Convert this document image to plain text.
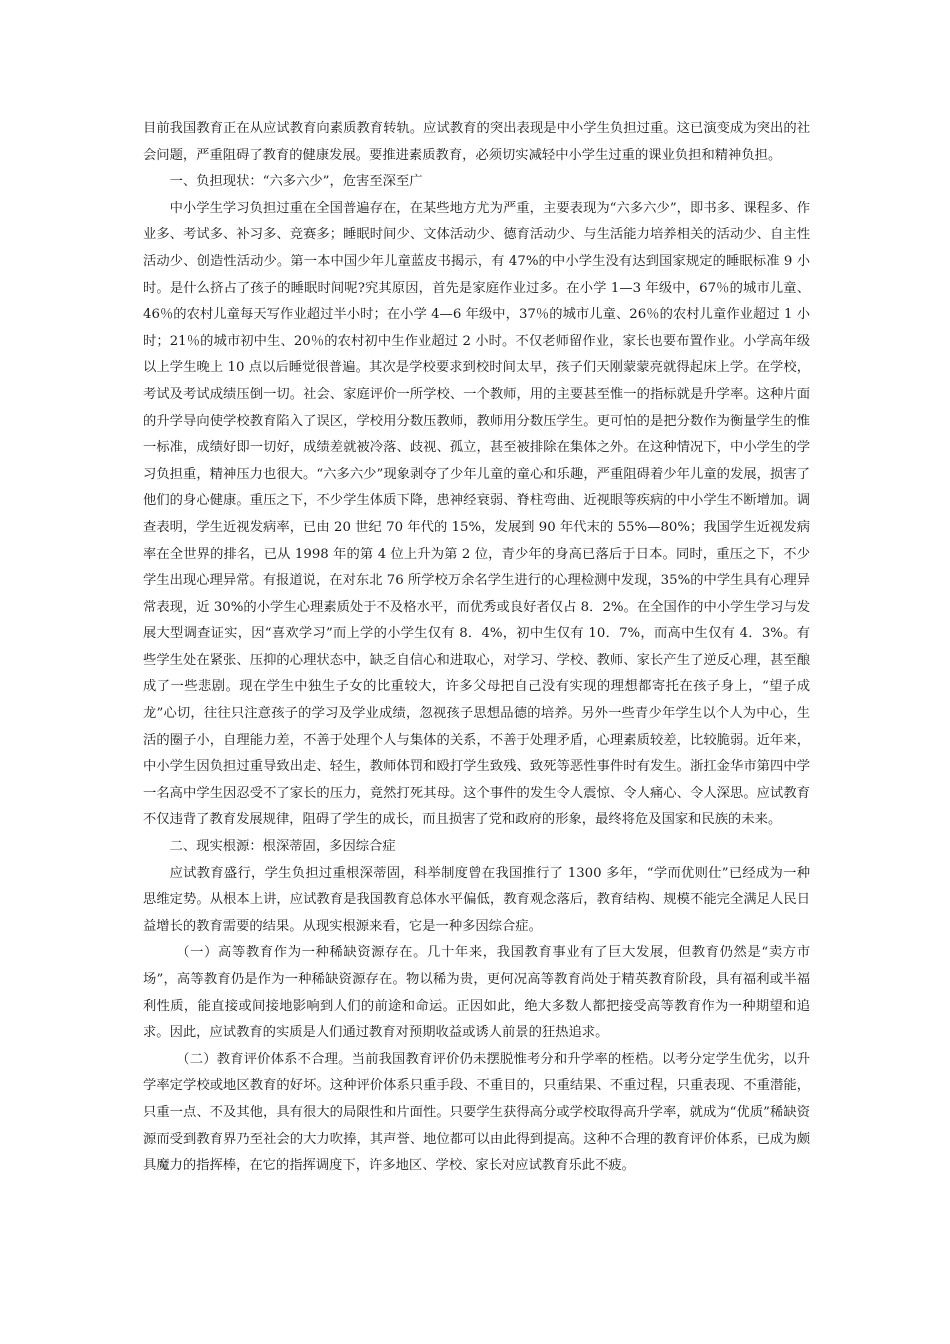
目前我国教育正在从应试教育向素质教育转轨。应试教育的突出表现是中小学生负担过重。这已演变成为突出的社会问题，严重阻碍了教育的健康发展。要推进素质教育，必须切实减轻中小学生过重的课业负担和精神负担。

一、负担现状：“六多六少”，危害至深至广

中小学生学习负担过重在全国普遍存在，在某些地方尤为严重，主要表现为“六多六少”，即书多、课程多、作业多、考试多、补习多、竞赛多；睡眠时间少、文体活动少、德育活动少、与生活能力培养相关的活动少、自主性活动少、创造性活动少。第一本中国少年儿童蓝皮书揭示，有 47%的中小学生没有达到国家规定的睡眠标准 9 小时。是什么挤占了孩子的睡眠时间呢?究其原因，首先是家庭作业过多。在小学 1—3 年级中，67％的城市儿童、46％的农村儿童每天写作业超过半小时；在小学 4—6 年级中，37％的城市儿童、26％的农村儿童作业超过 1 小时；21％的城市初中生、20％的农村初中生作业超过 2 小时。不仅老师留作业，家长也要布置作业。小学高年级以上学生晚上 10 点以后睡觉很普遍。其次是学校要求到校时间太早，孩子们天刚蒙蒙亮就得起床上学。在学校，考试及考试成绩压倒一切。社会、家庭评价一所学校、一个教师，用的主要甚至惟一的指标就是升学率。这种片面的升学导向使学校教育陷入了误区，学校用分数压教师，教师用分数压学生。更可怕的是把分数作为衡量学生的惟一标准，成绩好即一切好，成绩差就被冷落、歧视、孤立，甚至被排除在集体之外。在这种情况下，中小学生的学习负担重，精神压力也很大。“六多六少”现象剥夺了少年儿童的童心和乐趣，严重阻碍着少年儿童的发展，损害了他们的身心健康。重压之下，不少学生体质下降，患神经衰弱、脊柱弯曲、近视眼等疾病的中小学生不断增加。调查表明，学生近视发病率，已由 20 世纪 70 年代的 15%，发展到 90 年代末的 55%—80%；我国学生近视发病率在全世界的排名，已从 1998 年的第 4 位上升为第 2 位，青少年的身高已落后于日本。同时，重压之下，不少学生出现心理异常。有报道说，在对东北 76 所学校万余名学生进行的心理检测中发现，35%的中学生具有心理异常表现，近 30%的小学生心理素质处于不及格水平，而优秀或良好者仅占 8．2%。在全国作的中小学生学习与发展大型调查证实，因“喜欢学习”而上学的小学生仅有 8．4%，初中生仅有 10．7%，而高中生仅有 4．3%。有些学生处在紧张、压抑的心理状态中，缺乏自信心和进取心，对学习、学校、教师、家长产生了逆反心理，甚至酿成了一些悲剧。现在学生中独生子女的比重较大，许多父母把自己没有实现的理想都寄托在孩子身上，“望子成龙”心切，往往只注意孩子的学习及学业成绩，忽视孩子思想品德的培养。另外一些青少年学生以个人为中心，生活的圈子小，自理能力差，不善于处理个人与集体的关系，不善于处理矛盾，心理素质较差，比较脆弱。近年来，中小学生因负担过重导致出走、轻生，教师体罚和殴打学生致残、致死等恶性事件时有发生。浙扛金华市第四中学一名高中学生因忍受不了家长的压力，竟然打死其母。这个事件的发生令人震惊、令人痛心、令人深思。应试教育不仅违背了教育发展规律，阻碍了学生的成长，而且损害了党和政府的形象，最终将危及国家和民族的未来。

二、现实根源：根深蒂固，多因综合症

应试教育盛行，学生负担过重根深蒂固，科举制度曾在我国推行了 1300 多年，“学而优则仕”已经成为一种思维定势。从根本上讲，应试教育是我国教育总体水平偏低，教育观念落后，教育结构、规模不能完全满足人民日益增长的教育需要的结果。从现实根源来看，它是一种多因综合症。

（一）高等教育作为一种稀缺资源存在。几十年来，我国教育事业有了巨大发展，但教育仍然是“卖方市场”，高等教育仍是作为一种稀缺资源存在。物以稀为贵，更何况高等教育尚处于精英教育阶段，具有福利或半福利性质，能直接或间接地影响到人们的前途和命运。正因如此，绝大多数人都把接受高等教育作为一种期望和追求。因此，应试教育的实质是人们通过教育对预期收益或诱人前景的狂热追求。

（二）教育评价体系不合理。当前我国教育评价仍未摆脱惟考分和升学率的桎梏。以考分定学生优劣，以升学率定学校或地区教育的好坏。这种评价体系只重手段、不重目的，只重结果、不重过程，只重表现、不重潜能，只重一点、不及其他，具有很大的局限性和片面性。只要学生获得高分或学校取得高升学率，就成为“优质”稀缺资源而受到教育界乃至社会的大力吹捧，其声誉、地位都可以由此得到提高。这种不合理的教育评价体系，已成为颇具魔力的指挥棒，在它的指挥调度下，许多地区、学校、家长对应试教育乐此不疲。
